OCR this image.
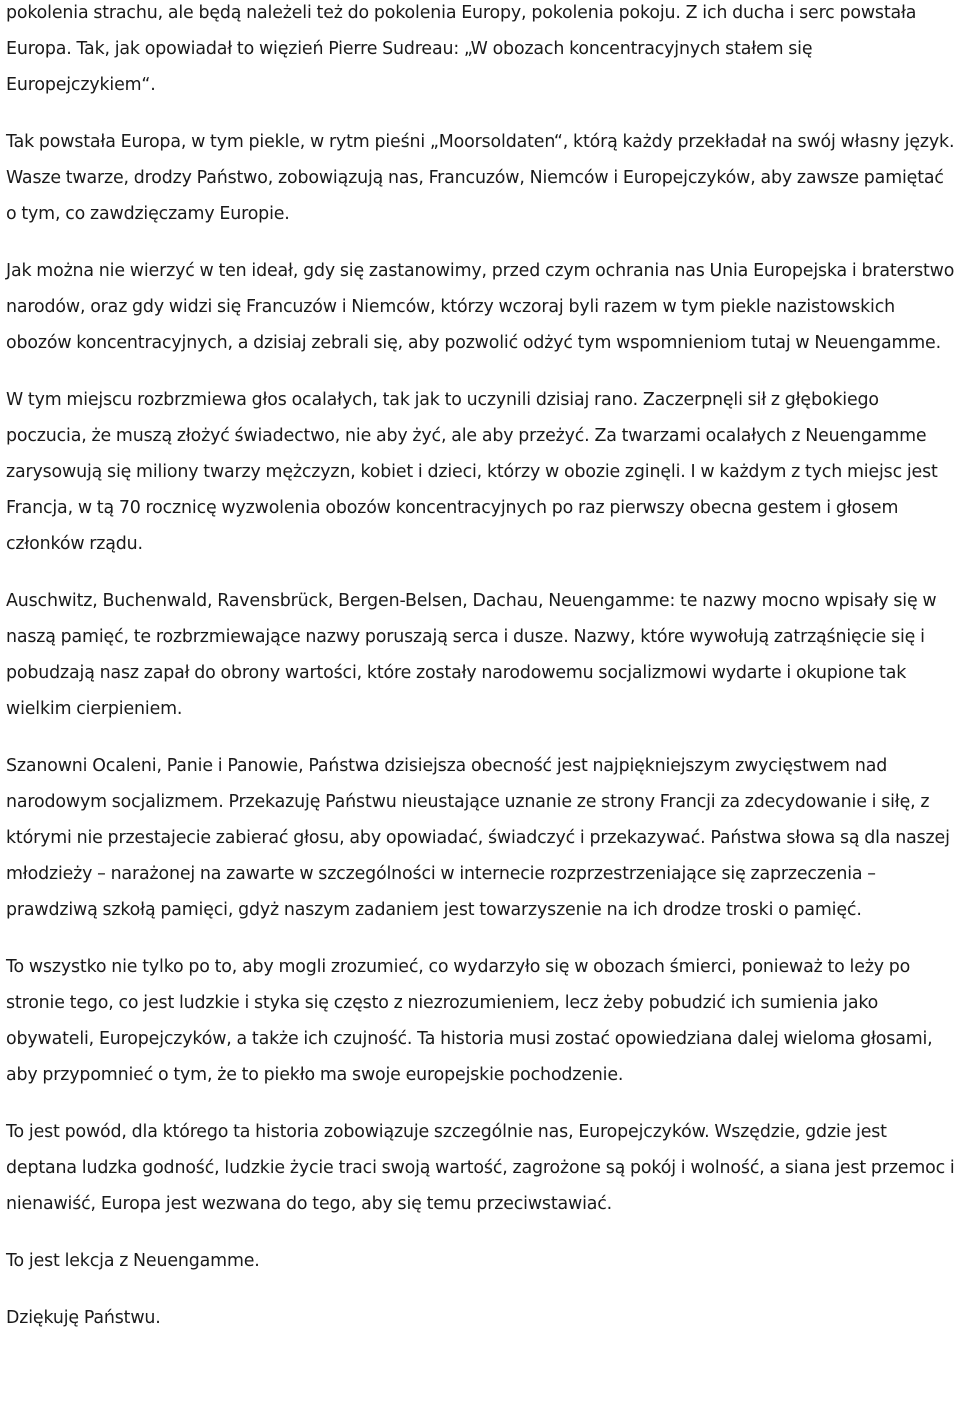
pokolenia strachu, ale będą należeli też do pokolenia Europy, pokolenia pokoju. Z ich ducha i serc powstała Europa. Tak, jak opowiadał to więzień Pierre Sudreau: „W obozach koncentracyjnych stałem się Europejczykiem“.

Tak powstała Europa, w tym piekle, w rytm pieśni „Moorsoldaten“, którą każdy przekładał na swój własny język. Wasze twarze, drodzy Państwo, zobowiązują nas, Francuzów, Niemców i Europejczyków, aby zawsze pamiętać o tym, co zawdzięczamy Europie.

Jak można nie wierzyć w ten ideał, gdy się zastanowimy, przed czym ochrania nas Unia Europejska i braterstwo narodów, oraz gdy widzi się Francuzów i Niemców, którzy wczoraj byli razem w tym piekle nazistowskich obozów koncentracyjnych, a dzisiaj zebrali się, aby pozwolić odżyć tym wspomnieniom tutaj w Neuengamme.

W tym miejscu rozbrzmiewa głos ocalałych, tak jak to uczynili dzisiaj rano. Zaczerpnęli sił z głębokiego poczucia, że muszą złożyć świadectwo, nie aby żyć, ale aby przeżyć. Za twarzami ocalałych z Neuengamme zarysowują się miliony twarzy mężczyzn, kobiet i dzieci, którzy w obozie zginęli. I w każdym z tych miejsc jest Francja, w tą 70 rocznicę wyzwolenia obozów koncentracyjnych po raz pierwszy obecna gestem i głosem członków rządu.

Auschwitz, Buchenwald, Ravensbrück, Bergen-Belsen, Dachau, Neuengamme: te nazwy mocno wpisały się w naszą pamięć, te rozbrzmiewające nazwy poruszają serca i dusze. Nazwy, które wywołują zatrząśnięcie się i pobudzają nasz zapał do obrony wartości, które zostały narodowemu socjalizmowi wydarte i okupione tak wielkim cierpieniem.

Szanowni Ocaleni, Panie i Panowie, Państwa dzisiejsza obecność jest najpiękniejszym zwycięstwem nad narodowym socjalizmem. Przekazuję Państwu nieustające uznanie ze strony Francji za zdecydowanie i siłę, z którymi nie przestajecie zabierać głosu, aby opowiadać, świadczyć i przekazywać. Państwa słowa są dla naszej młodzieży – narażonej na zawarte w szczególności w internecie rozprzestrzeniające się zaprzeczenia – prawdziwą szkołą pamięci, gdyż naszym zadaniem jest towarzyszenie na ich drodze troski o pamięć.

To wszystko nie tylko po to, aby mogli zrozumieć, co wydarzyło się w obozach śmierci, ponieważ to leży po stronie tego, co jest ludzkie i styka się często z niezrozumieniem, lecz żeby pobudzić ich sumienia jako obywateli, Europejczyków, a także ich czujność. Ta historia musi zostać opowiedziana dalej wieloma głosami, aby przypomnieć o tym, że to piekło ma swoje europejskie pochodzenie.

To jest powód, dla którego ta historia zobowiązuje szczególnie nas, Europejczyków. Wszędzie, gdzie jest deptana ludzka godność, ludzkie życie traci swoją wartość, zagrożone są pokój i wolność, a siana jest przemoc i nienawiść, Europa jest wezwana do tego, aby się temu przeciwstawiać.

To jest lekcja z Neuengamme.

Dziękuję Państwu.
